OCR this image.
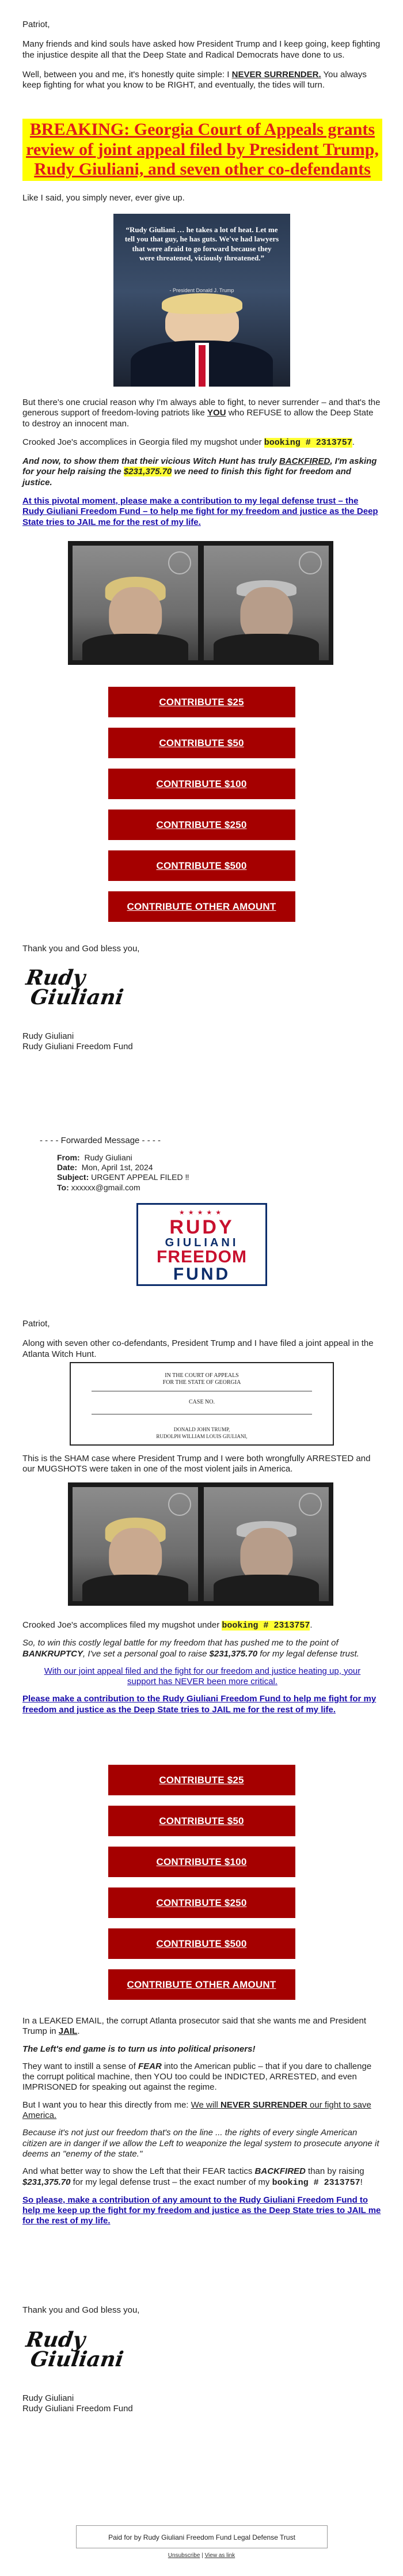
Patriot,

Many friends and kind souls have asked how President Trump and I keep going, keep fighting the injustice despite all that the Deep State and Radical Democrats have done to us.

Well, between you and me, it's honestly quite simple: I NEVER SURRENDER. You always keep fighting for what you know to be RIGHT, and eventually, the tides will turn.

BREAKING: Georgia Court of Appeals grants review of joint appeal filed by President Trump, Rudy Giuliani, and seven other co-defendants

Like I said, you simply never, ever give up.

“Rudy Giuliani … he takes a lot of heat. Let me tell you that guy, he has guts. We've had lawyers that were afraid to go forward because they were threatened, viciously threatened.”

- President Donald J. Trump

But there's one crucial reason why I'm always able to fight, to never surrender – and that's the generous support of freedom-loving patriots like YOU who REFUSE to allow the Deep State to destroy an innocent man.

Crooked Joe's accomplices in Georgia filed my mugshot under booking # 2313757.

And now, to show them that their vicious Witch Hunt has truly BACKFIRED, I'm asking for your help raising the $231,375.70 we need to finish this fight for freedom and justice.

At this pivotal moment, please make a contribution to my legal defense trust – the Rudy Giuliani Freedom Fund – to help me fight for my freedom and justice as the Deep State tries to JAIL me for the rest of my life.
CONTRIBUTE $25
CONTRIBUTE $50
CONTRIBUTE $100
CONTRIBUTE $250
CONTRIBUTE $500
CONTRIBUTE OTHER AMOUNT

Thank you and God bless you,

Rudy
Giuliani

Rudy Giuliani

Rudy Giuliani Freedom Fund

- - - - Forwarded Message - - - -

From: Rudy Giuliani

Date: Mon, April 1st, 2024

Subject: URGENT APPEAL FILED ‼

To: xxxxxx@gmail.com

★★★★★

RUDY

GIULIANI

FREEDOM

FUND

Patriot,

Along with seven other co-defendants, President Trump and I have filed a joint appeal in the Atlanta Witch Hunt.

IN THE COURT OF APPEALS

FOR THE STATE OF GEORGIA

CASE NO.

DONALD JOHN TRUMP,

RUDOLPH WILLIAM LOUIS GIULIANI,

This is the SHAM case where President Trump and I were both wrongfully ARRESTED and our MUGSHOTS were taken in one of the most violent jails in America.

Crooked Joe's accomplices filed my mugshot under booking # 2313757.

So, to win this costly legal battle for my freedom that has pushed me to the point of BANKRUPTCY, I've set a personal goal to raise $231,375.70 for my legal defense trust.

With our joint appeal filed and the fight for our freedom and justice heating up, your support has NEVER been more critical.

Please make a contribution to the Rudy Giuliani Freedom Fund to help me fight for my freedom and justice as the Deep State tries to JAIL me for the rest of my life.
CONTRIBUTE $25
CONTRIBUTE $50
CONTRIBUTE $100
CONTRIBUTE $250
CONTRIBUTE $500
CONTRIBUTE OTHER AMOUNT

In a LEAKED EMAIL, the corrupt Atlanta prosecutor said that she wants me and President Trump in JAIL.

The Left's end game is to turn us into political prisoners!

They want to instill a sense of FEAR into the American public – that if you dare to challenge the corrupt political machine, then YOU too could be INDICTED, ARRESTED, and even IMPRISONED for speaking out against the regime.

But I want you to hear this directly from me: We will NEVER SURRENDER our fight to save America.

Because it's not just our freedom that's on the line ... the rights of every single American citizen are in danger if we allow the Left to weaponize the legal system to prosecute anyone it deems an "enemy of the state."

And what better way to show the Left that their FEAR tactics BACKFIRED than by raising $231,375.70 for my legal defense trust – the exact number of my booking # 2313757!

So please, make a contribution of any amount to the Rudy Giuliani Freedom Fund to help me keep up the fight for my freedom and justice as the Deep State tries to JAIL me for the rest of my life.

Thank you and God bless you,

Rudy
Giuliani

Rudy Giuliani

Rudy Giuliani Freedom Fund

Paid for by Rudy Giuliani Freedom Fund Legal Defense Trust
Unsubscribe | View as link
